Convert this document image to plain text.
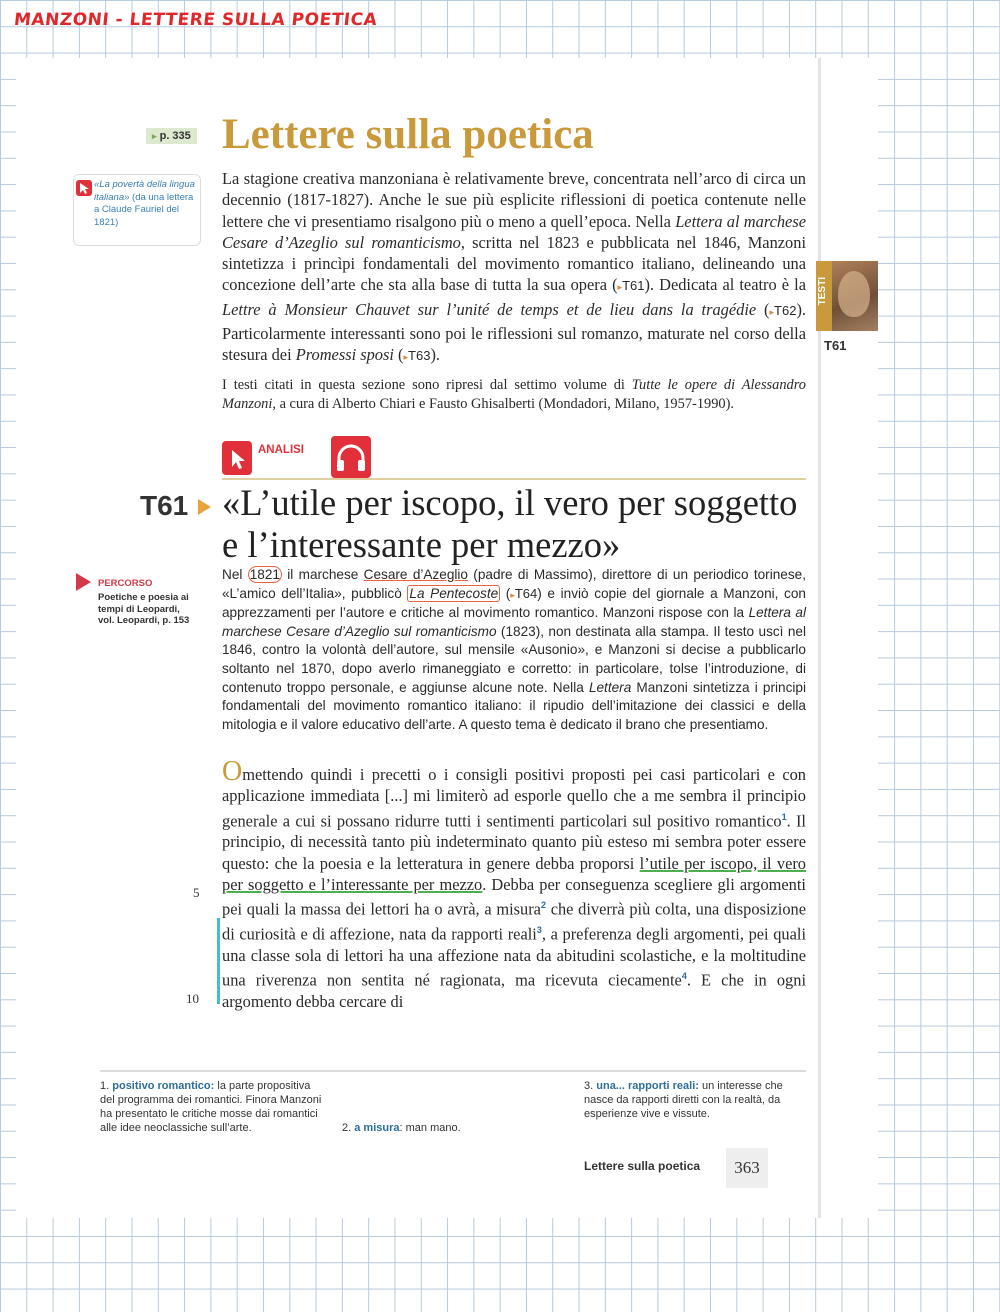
MANZONI - LETTERE SULLA POETICA
▸ p. 335 Lettere sulla poetica
«La povertà della lingua italiana» (da una lettera a Claude Fauriel del 1821)
La stagione creativa manzoniana è relativamente breve, concentrata nell’arco di circa un decennio (1817-1827). Anche le sue più esplicite riflessioni di poetica contenute nelle lettere che vi presentiamo risalgono più o meno a quell’epoca. Nella Lettera al marchese Cesare d’Azeglio sul romanticismo, scritta nel 1823 e pubblicata nel 1846, Manzoni sintetizza i princìpi fondamentali del movimento romantico italiano, delineando una concezione dell’arte che sta alla base di tutta la sua opera (▸T61). Dedicata al teatro è la Lettre à Monsieur Chauvet sur l’unité de temps et de lieu dans la tragédie (▸T62). Particolarmente interessanti sono poi le riflessioni sul romanzo, maturate nel corso della stesura dei Promessi sposi (▸T63).
I testi citati in questa sezione sono ripresi dal settimo volume di Tutte le opere di Alessandro Manzoni, a cura di Alberto Chiari e Fausto Ghisalberti (Mondadori, Milano, 1957-1990).
TESTI
T61
ANALISI
T61 «L’utile per iscopo, il vero per soggetto e l’interessante per mezzo»
PERCORSO
Poetiche e poesia ai tempi di Leopardi, vol. Leopardi, p. 153
Nel 1821 il marchese Cesare d’Azeglio (padre di Massimo), direttore di un periodico torinese, «L’amico dell’Italia», pubblicò La Pentecoste (▸T64) e inviò copie del giornale a Manzoni, con apprezzamenti per l’autore e critiche al movimento romantico. Manzoni rispose con la Lettera al marchese Cesare d’Azeglio sul romanticismo (1823), non destinata alla stampa. Il testo uscì nel 1846, contro la volontà dell’autore, sul mensile «Ausonio», e Manzoni si decise a pubblicarlo soltanto nel 1870, dopo averlo rimaneggiato e corretto: in particolare, tolse l’introduzione, di contenuto troppo personale, e aggiunse alcune note. Nella Lettera Manzoni sintetizza i principi fondamentali del movimento romantico italiano: il ripudio dell’imitazione dei classici e della mitologia e il valore educativo dell’arte. A questo tema è dedicato il brano che presentiamo.
Omettendo quindi i precetti o i consigli positivi proposti pei casi particolari e con applicazione immediata [...] mi limiterò ad esporle quello che a me sembra il principio generale a cui si possano ridurre tutti i sentimenti particolari sul positivo romantico$^1$. Il principio, di necessità tanto più indeterminato quanto più esteso mi sembra poter essere questo: che la poesia e la letteratura in genere debba proporsi l’utile per iscopo, il vero per soggetto e l’interessante per mezzo. Debba per conseguenza scegliere gli argomenti pei quali la massa dei lettori ha o avrà, a misura$^2$ che diverrà più colta, una disposizione di curiosità e di affezione, nata da rapporti reali$^3$, a preferenza degli argomenti, pei quali una classe sola di lettori ha una affezione nata da abitudini scolastiche, e la moltitudine una riverenza non sentita né ragionata, ma ricevuta ciecamente$^4$. E che in ogni argomento debba cercare di
5
10
1. positivo romantico: la parte propositiva del programma dei romantici. Finora Manzoni ha presentato le critiche mosse dai romantici alle idee neoclassiche sull’arte.	2. a misura: man mano.
3. una... rapporti reali: un interesse che nasce da rapporti diretti con la realtà, da esperienze vive e vissute.
Lettere sulla poetica	363
